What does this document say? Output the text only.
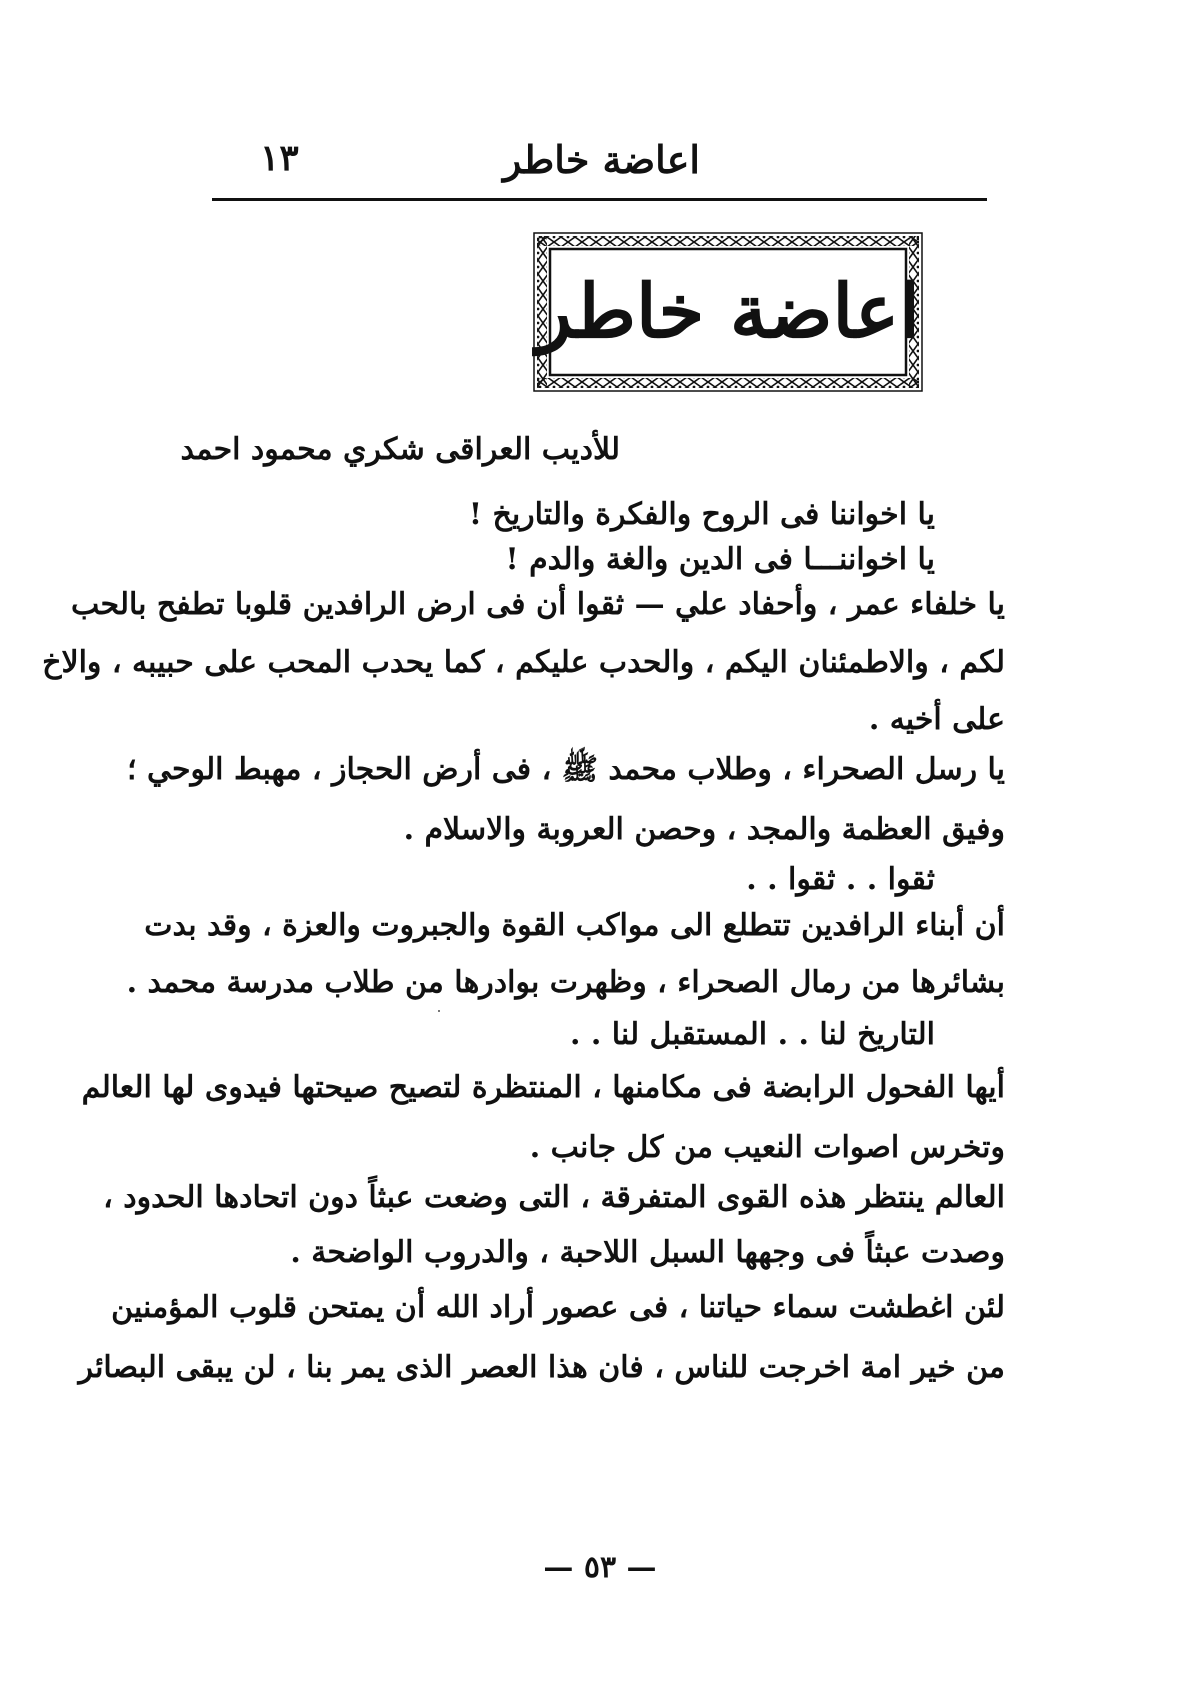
اعاضة خاطر
١٣
اعاضة خاطر
للأديب العراقى شكري محمود احمد
يا اخواننا فى الروح والفكرة والتاريخ !
يا اخواننـــا فى الدين والغة والدم !
يا خلفاء عمر ، وأحفاد علي — ثقوا أن فى ارض الرافدين قلوبا تطفح بالحب
لكم ، والاطمئنان اليكم ، والحدب عليكم ، كما يحدب المحب على حبيبه ، والاخ
على أخيه .
يا رسل الصحراء ، وطلاب محمد ﷺ ، فى أرض الحجاز ، مهبط الوحي ؛
وفيق العظمة والمجد ، وحصن العروبة والاسلام .
ثقوا . . ثقوا . .
أن أبناء الرافدين تتطلع الى مواكب القوة والجبروت والعزة ، وقد بدت
بشائرها من رمال الصحراء ، وظهرت بوادرها من طلاب مدرسة محمد .
التاريخ لنا . . المستقبل لنا . .
أيها الفحول الرابضة فى مكامنها ، المنتظرة لتصيح صيحتها فيدوى لها العالم
وتخرس اصوات النعيب من كل جانب .
العالم ينتظر هذه القوى المتفرقة ، التى وضعت عبثاً دون اتحادها الحدود ،
وصدت عبثاً فى وجهها السبل اللاحبة ، والدروب الواضحة .
لئن اغطشت سماء حياتنا ، فى عصور أراد الله أن يمتحن قلوب المؤمنين
من خير امة اخرجت للناس ، فان هذا العصر الذى يمر بنا ، لن يبقى البصائر
— ٥٣ —
